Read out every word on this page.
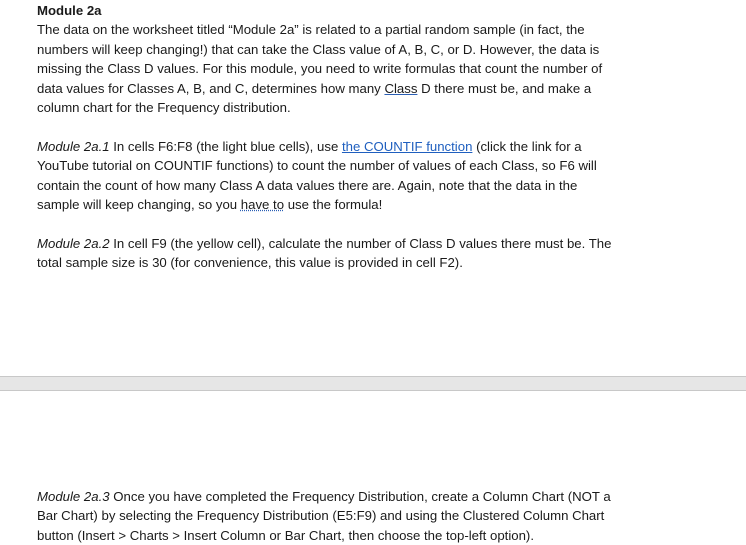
Module 2a

The data on the worksheet titled “Module 2a” is related to a partial random sample (in fact, the numbers will keep changing!) that can take the Class value of A, B, C, or D. However, the data is missing the Class D values. For this module, you need to write formulas that count the number of data values for Classes A, B, and C, determines how many Class D there must be, and make a column chart for the Frequency distribution.

Module 2a.1 In cells F6:F8 (the light blue cells), use the COUNTIF function (click the link for a YouTube tutorial on COUNTIF functions) to count the number of values of each Class, so F6 will contain the count of how many Class A data values there are. Again, note that the data in the sample will keep changing, so you have to use the formula!

Module 2a.2 In cell F9 (the yellow cell), calculate the number of Class D values there must be. The total sample size is 30 (for convenience, this value is provided in cell F2).

Module 2a.3 Once you have completed the Frequency Distribution, create a Column Chart (NOT a Bar Chart) by selecting the Frequency Distribution (E5:F9) and using the Clustered Column Chart button (Insert > Charts > Insert Column or Bar Chart, then choose the top-left option).
